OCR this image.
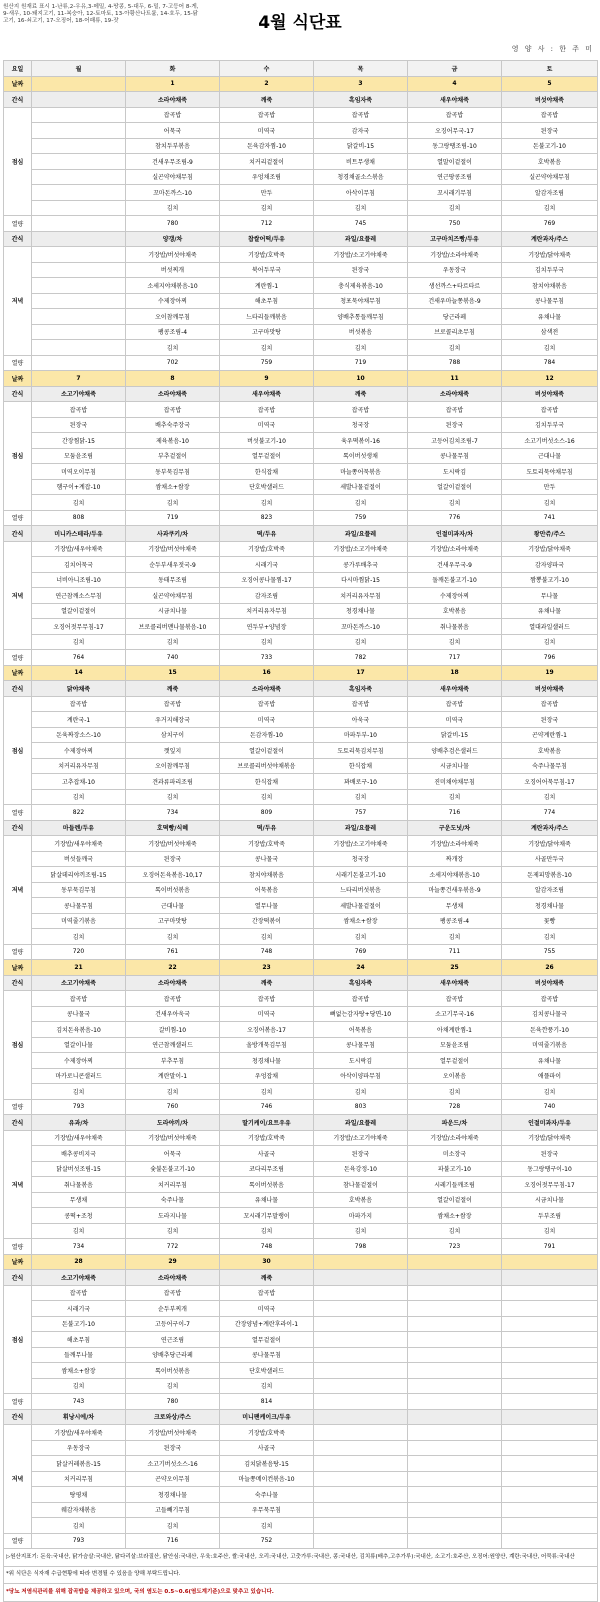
원산지 원재료 표시 1-난류,2-우유,3-메밀, 4-땅콩, 5-대두, 6-밀, 7-고등어 8-게, 9-새우, 10-돼지고기, 11-복숭아, 12-토마토, 13-아황산나트륨, 14-호두, 15-닭고기, 16-쇠고기, 17-오징어, 18-어패류, 19-잣	4월 식단표
영 양 사 : 한 주 미
요일	월	화	수	목	금	토
날짜		1	2	3	4	5
간식		소라야채죽	깨죽	흑임자죽	새우야채죽	버섯야채죽
점심		잡곡밥	잡곡밥	잡곡밥	잡곡밥	잡곡밥
		어묵국	미역국	감자국	오징어무국-17	된장국
		참치두부볶음	돈육감자찜-10	닭갈비-15	동그랑땡조림-10	돈불고기-10
		건새우무조림-9	치커리겉절이	비트무생채	열말이겉절이	호박볶음
		실곤약야채무침	우엉채조림	청경채골소스볶음	연근땅콩조림	실곤약야채무침
		꼬마돈까스-10	만두	아삭이무침	꼬시래기무침	알감자조림
		김치	김치	김치	김치	김치
열량		780	712	745	750	769
간식		양갱/차	찹쌀어떡/두유	과일/요플레	고구마치즈빵/두유	계란과자/주스
저녁		기장밥/버섯야채죽	기장밥/호박죽	기장밥/소고기야채죽	기장밥/소라야채죽	기장밥/닭야채죽
		버섯찌개	북어두부국	된장국	우동장국	김치두부국
		소세지야채볶음-10	계란찜-1	충식제육볶음-10	생선까스+타르타르	참치야채볶음
		수제장아찌	해초무침	청포묵야채무침	건새우마늘쫑볶음-9	콩나물무침
		오이참깨무침	느타리들깨볶음	양배추통들깨무침	당근라페	유채나물
		팽콩조림-4	고구마맛탕	버섯볶음	브로콜리초무침	삼색전
		김치	김치	김치	김치	김치
열량		702	759	719	788	784
날짜	7	8	9	10	11	12
간식	소고기야채죽	소라야채죽	새우야채죽	깨죽	소라야채죽	버섯야채죽
점심	잡곡밥	잡곡밥	잡곡밥	잡곡밥	잡곡밥	잡곡밥
	된장국	배추숙주장국	미역국	청국장	된장국	김치두부국
	간장찜닭-15	제육볶음-10	버섯불고기-10	육우떡볶이-16	고등어김치조림-7	소고기버섯소스-16
	모둠윤조림	부추겉절이	열무겉절이	톡이버섯생채	콩나물무침	근대나물
	미역오이무침	동부묵김무침	한식잡채	마늘쫑어묵볶음	도시락김	도토리묵야채무침
	햄구이+계잡-10	쌈채소+쌈장	단호박샐러드	세발나물겉절이	얼갈이겉절이	만두
	김치	김치	김치	김치	김치	김치
열량	808	719	823	759	776	741
간식	미니카스테라/두유	사과쿠키/차	떡/두유	과일/요플레	인절미과자/차	왕만쥬/주스
저녁	기장밥/새우야채죽	기장밥/버섯야채죽	기장밥/호박죽	기장밥/소고기야채죽	기장밥/소라야채죽	기장밥/닭야채죽
	김치어묵국	순두부새우젓국-9	시래기국	콩가루배추국	건새우무국-9	감자양파국
	너비아니조림-10	동태무조림	오징어콩나물찜-17	다시마찜닭-15	돌깨돈불고기-10	짬뽕불고기-10
	연근참깨소스무침	실곤약야채무침	감자조림	치커리유자무침	수제장아찌	무나물
	열갈이겉절이	시금치나물	치커리유자무침	청경채나물	호박볶음	유채나물
	오징어젓무무침-17	브로콜리버맨나물볶음-10	연두부+양념장	꼬마돈까스-10	취나물볶음	열대과일샐러드
	김치	김치	김치	김치	김치	김치
열량	764	740	733	782	717	796
날짜	14	15	16	17	18	19
간식	닭야채죽	깨죽	소라야채죽	흑임자죽	새우야채죽	버섯야채죽
점심	잡곡밥	잡곡밥	잡곡밥	잡곡밥	잡곡밥	잡곡밥
	계란국-1	우거지해장국	미역국	아욱국	미역국	된장국
	돈육짜장소스-10	삼치구이	돈감자찜-10	마파두부-10	닭갈비-15	곤약계란찜-1
	수제장아찌	깻잎지	열갈이겉절이	도토리묵김치무침	양배추검은샐러드	호박볶음
	치커리유자무침	오이참깨무침	브로콜리버섯야채볶음	한식잡채	시금치나물	숙주나물무침
	고추잡채-10	견과류파리조림	한식잡채	꽈배로구-10	진미채야채무침	오징어어묵무침-17
	김치	김치	김치	김치	김치	김치
열량	822	734	809	757	716	774
간식	마들렌/두유	호떡빵/식혜	떡/두유	과일/요플레	구운도넛/차	계란과자/주스
저녁	기장밥/새우야채죽	기장밥/버섯야채죽	기장밥/호박죽	기장밥/소고기야채죽	기장밥/소라야채죽	기장밥/닭야채죽
	버섯들깨국	된장국	콩나물국	청국장	짜개장	사골만두국
	닭살데리야끼조림-15	오징어돈육볶음-10,17	참치야채볶음	시래기돈불고기-10	소세지야채볶음-10	돈제피망볶음-10
	동부묵김무침	톡이버섯볶음	어묵볶음	느타리버섯볶음	마늘쫑건새우볶음-9	알감자조림
	콩나물무침	근대나물	열무나물	세발나물겉절이	무생채	청경채나물
	미역줄기볶음	고구마맛탕	간장떡볶이	쌈채소+쌈장	팽콩조림-4	꽃빵
	김치	김치	김치	김치	김치	김치
열량	720	761	748	769	711	755
날짜	21	22	23	24	25	26
간식	소고기야채죽	소라야채죽	깨죽	흑임자죽	새우야채죽	버섯야채죽
점심	잡곡밥	잡곡밥	잡곡밥	잡곡밥	잡곡밥	잡곡밥
	콩나물국	건새우아욱국	미역국	뼈없는감자탕+당면-10	소고기무국-16	김치콩나물국
	김치돈육볶음-10	갈비찜-10	오징어볶음-17	어묵볶음	아채계란찜-1	돈육깐풍기-10
	열갈이나물	연근참깨샐러드	올방개묵김무침	콩나물무침	모둠윤조림	미역줄기볶음
	수제장아찌	부추무침	청경채나물	도시락김	열무겉절이	유채나물
	마카로니콘샐러드	계란말이-1	우엉잡채	아삭이양파무침	오이볶음	애플파이
	김치	김치	김치	김치	김치	김치
열량	793	760	746	803	728	740
간식	유과/차	도라야끼/차	딸기케이/요트우유	과일/요플레	파운드/차	인절미과자/두유
저녁	기장밥/새우야채죽	기장밥/버섯야채죽	기장밥/호박죽	기장밥/소고기야채죽	기장밥/소라야채죽	기장밥/닭야채죽
	배추콩비지국	어묵국	사골국	된장국	미소장국	된장국
	닭살버섯조림-15	숯불돈불고기-10	코다리무조림	돈육강정-10	파불고기-10	동그랑땡구이-10
	취나물볶음	치커리무침	톡이버섯볶음	참나물겉절이	시레기들깨조림	오징어젓무무침-17
	무생채	숙주나물	유채나물	호박볶음	열갈이겉절이	시금치나물
	콩떡+조청	도라지나물	꼬시래기무말랭이	마파가지	쌈채소+쌈장	두부조림
	김치	김치	김치	김치	김치	김치
열량	734	772	748	798	723	791
날짜	28	29	30			
간식	소고기야채죽	소라야채죽	깨죽			
점심	잡곡밥	잡곡밥	잡곡밥			
	시래기국	순두부찌개	미역국			
	돈불고기-10	고등어구이-7	간장양념+계란후라이-1			
	해초무침	연근조림	열무겉절이			
	들깨무나물	양배추당근라페	콩나물무침			
	쌈채소+쌈장	톡이버섯볶음	단호박샐러드			
	김치	김치	김치			
열량	743	780	814			
간식	휘낭시에/차	크로와상/주스	미니팬케이크/두유			
저녁	기장밥/새우야채죽	기장밥/버섯야채죽	기장밥/호박죽			
	우동장국	된장국	사골국			
	닭살커레볶음-15	소고기버섯소스-16	김치닭볶음탕-15			
	치커리무침	곤약오이무침	마늘쫑메이컨볶음-10			
	탕평채	청경채나물	숙주나물			
	웨감자채볶음	고들빼기무침	우무묵무침			
	김치	김치	김치			
열량	793	716	752			
▷원산지표기: 돈육:국내산, 닭가슴살:국내산, 닭다리살:브라질산, 닭안심:국내산, 우육:호주산, 쌀:국내산, 오리:국내산, 고춧가루:국내산, 콩:국내산, 김치류(배추,고추가루):국내산, 소고기:호주산, 오징어:원양산, 계란:국내산, 어묵류:국내산						
*위 식단은 식자재 수급현황에 따라 변경될 수 있음을 양해 부탁드립니다.						
*당뇨 저염식관리를 위해 잡곡밥을 제공하고 있으며, 국의 염도는 0.5~0.6(염도계기준)으로 맞추고 있습니다.						
